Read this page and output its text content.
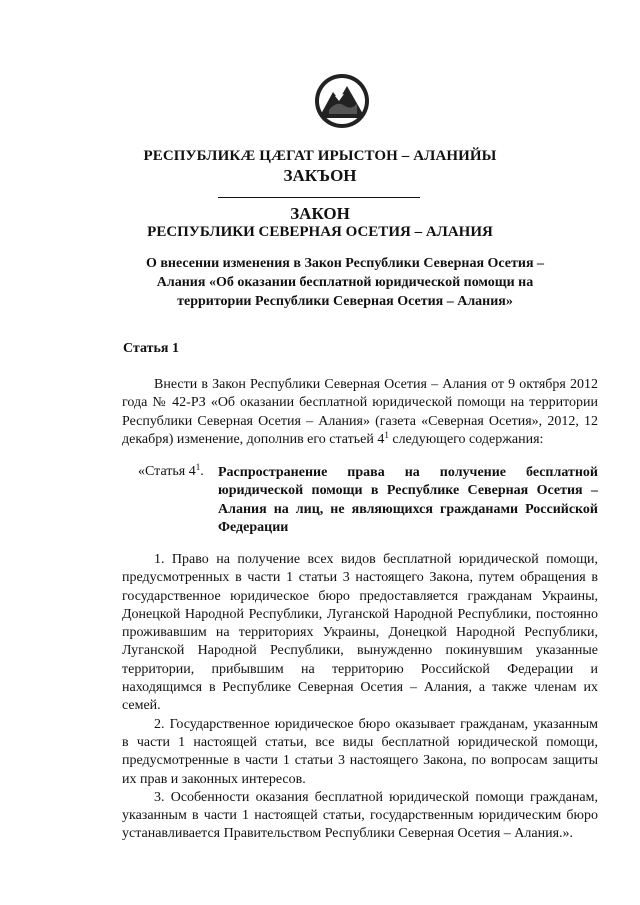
РЕСПУБЛИКӔ ЦӔГАТ ИРЫСТОН – АЛАНИЙЫ
ЗАКЪОН
ЗАКОН
РЕСПУБЛИКИ СЕВЕРНАЯ ОСЕТИЯ – АЛАНИЯ
О внесении изменения в Закон Республики Северная Осетия – Алания «Об оказании бесплатной юридической помощи на территории Республики Северная Осетия – Алания»
Статья 1
Внести в Закон Республики Северная Осетия – Алания от 9 октября 2012 года № 42-РЗ «Об оказании бесплатной юридической помощи на территории Республики Северная Осетия – Алания» (газета «Северная Осетия», 2012, 12 декабря) изменение, дополнив его статьей $4^1$ следующего содержания:
«Статья $4^1$. Распространение права на получение бесплатной юридической помощи в Республике Северная Осетия – Алания на лиц, не являющихся гражданами Российской Федерации

1. Право на получение всех видов бесплатной юридической помощи, предусмотренных в части 1 статьи 3 настоящего Закона, путем обращения в государственное юридическое бюро предоставляется гражданам Украины, Донецкой Народной Республики, Луганской Народной Республики, постоянно проживавшим на территориях Украины, Донецкой Народной Республики, Луганской Народной Республики, вынужденно покинувшим указанные территории, прибывшим на территорию Российской Федерации и находящимся в Республике Северная Осетия – Алания, а также членам их семей.

2. Государственное юридическое бюро оказывает гражданам, указанным в части 1 настоящей статьи, все виды бесплатной юридической помощи, предусмотренные в части 1 статьи 3 настоящего Закона, по вопросам защиты их прав и законных интересов.

3. Особенности оказания бесплатной юридической помощи гражданам, указанным в части 1 настоящей статьи, государственным юридическим бюро устанавливается Правительством Республики Северная Осетия – Алания.».
